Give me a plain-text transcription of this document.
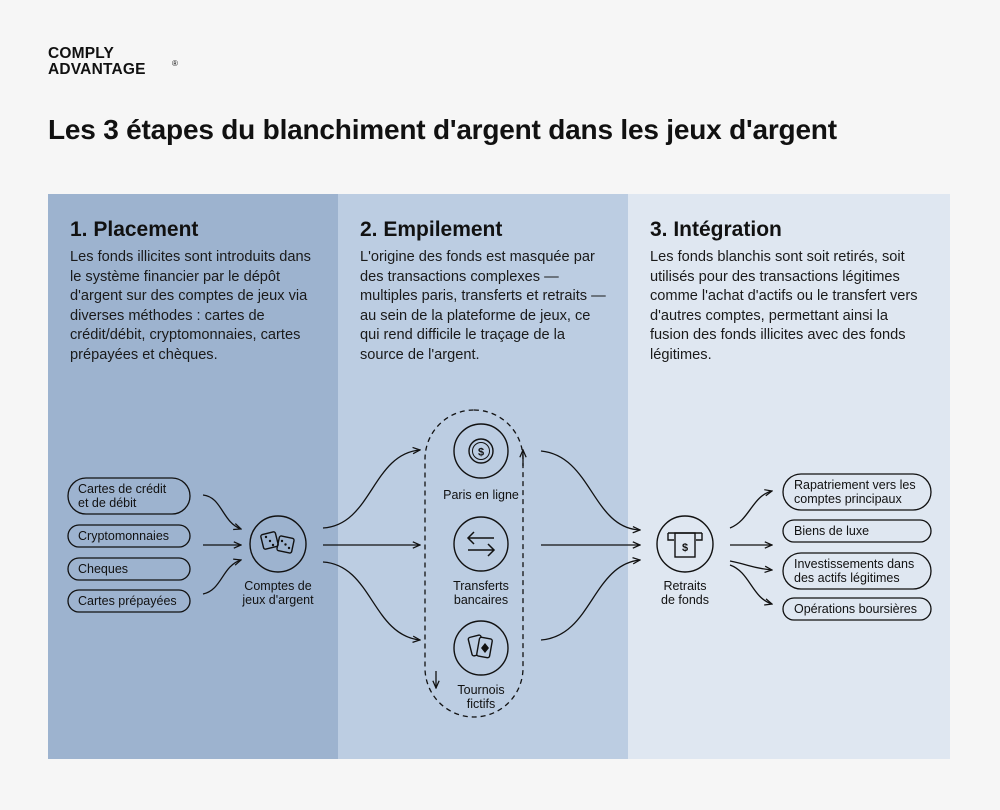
COMPLY
ADVANTAGE	®
Les 3 étapes du blanchiment d'argent dans les jeux d'argent
1. Placement

Les fonds illicites sont introduits dans le système financier par le dépôt d'argent sur des comptes de jeux via diverses méthodes : cartes de crédit/débit, cryptomonnaies, cartes prépayées et chèques.

2. Empilement

L'origine des fonds est masquée par des transactions complexes — multiples paris, transferts et retraits — au sein de la plateforme de jeux, ce qui rend difficile le traçage de la source de l'argent.

3. Intégration

Les fonds blanchis sont soit retirés, soit utilisés pour des transactions légitimes comme l'achat d'actifs ou le transfert vers d'autres comptes, permettant ainsi la fusion des fonds illicites avec des fonds légitimes.

Cartes de crédit
et de débit
Cryptomonnaies
Cheques
Cartes prépayées
Comptes de
jeux d'argent
$
Paris en ligne
Transferts
bancaires
Tournois
fictifs
$
Retraits
de fonds
Rapatriement vers les
comptes principaux
Biens de luxe
Investissements dans
des actifs légitimes
Opérations boursières
